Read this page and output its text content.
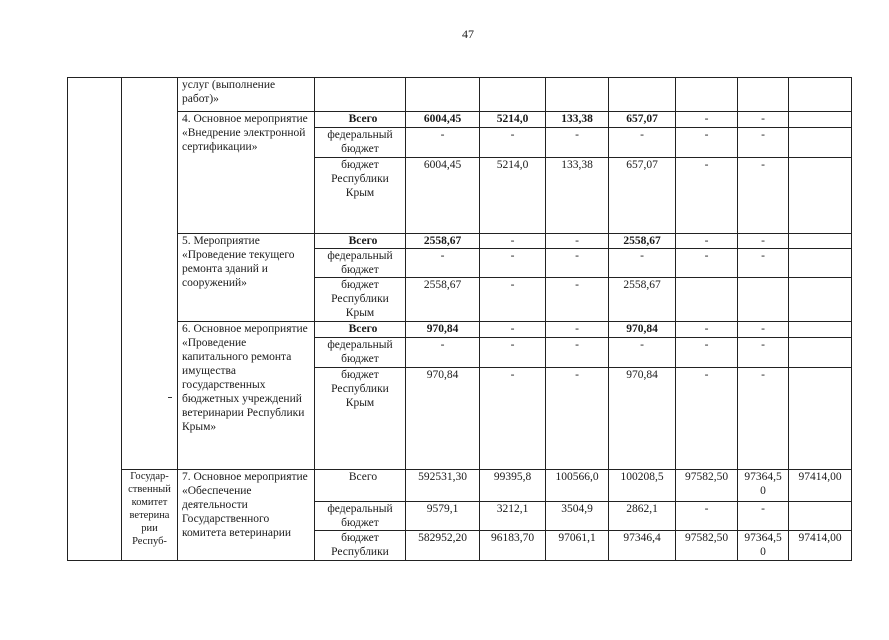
47
		услуг (выполнение работ)»								
		4. Основное мероприятие «Внедрение электронной сертификации»	Всего	6004,45	5214,0	133,38	657,07	-	-	
			федеральный бюджет	-	-	-	-	-	-	
			бюджет Республики Крым	6004,45	5214,0	133,38	657,07	-	-	
		5. Мероприятие «Проведение текущего ремонта зданий и сооружений»	Всего	2558,67	-	-	2558,67	-	-	
			федеральный бюджет	-	-	-	-	-	-	
			бюджет Республики Крым	2558,67	-	-	2558,67			
		6. Основное мероприятие «Проведение капитального ремонта имущества государственных бюджетных учреждений ветеринарии Республики Крым»	Всего	970,84	-	-	970,84	-	-	
			федеральный бюджет	-	-	-	-	-	-	
			бюджет Республики Крым	970,84	-	-	970,84	-	-	
	Государ-ственный комитет ветерина рии Респуб-	7. Основное мероприятие «Обеспечение деятельности Государственного комитета ветеринарии	Всего	592531,30	99395,8	100566,0	100208,5	97582,50	97364,50	97414,00
			федеральный бюджет	9579,1	3212,1	3504,9	2862,1	-	-	
			бюджет Республики	582952,20	96183,70	97061,1	97346,4	97582,50	97364,50	97414,00
